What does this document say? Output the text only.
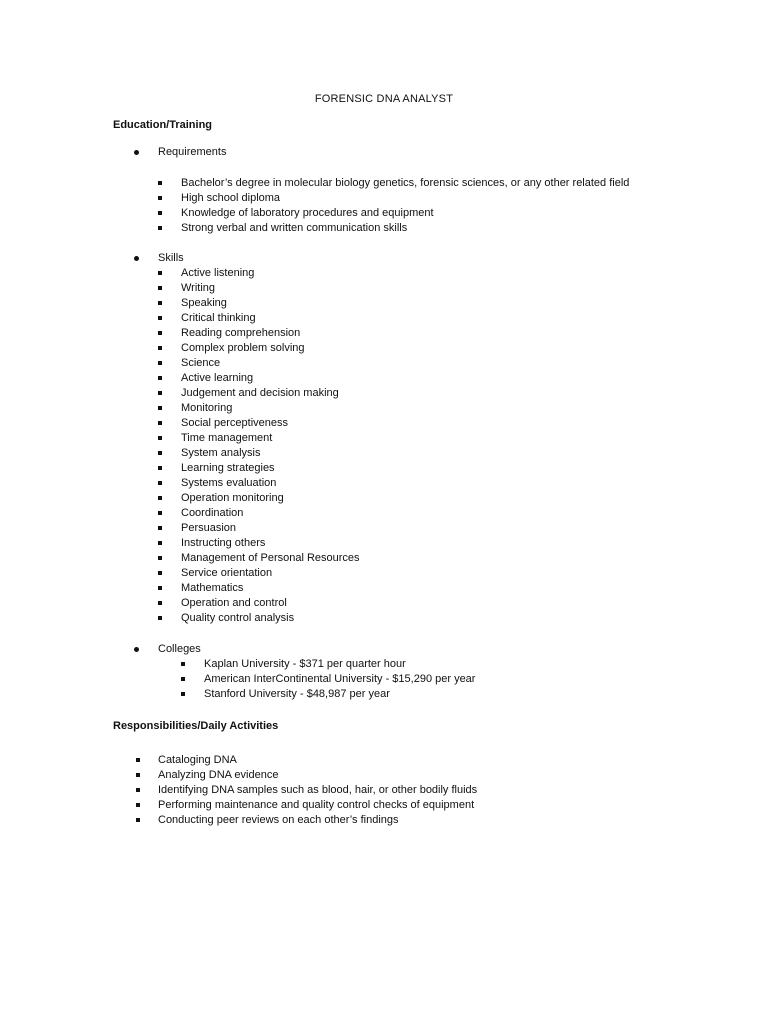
FORENSIC DNA ANALYST
Education/Training
Requirements
Bachelor’s degree in molecular biology genetics, forensic sciences, or any other related field
High school diploma
Knowledge of laboratory procedures and equipment
Strong verbal and written communication skills
Skills
Active listening
Writing
Speaking
Critical thinking
Reading comprehension
Complex problem solving
Science
Active learning
Judgement and decision making
Monitoring
Social perceptiveness
Time management
System analysis
Learning strategies
Systems evaluation
Operation monitoring
Coordination
Persuasion
Instructing others
Management of Personal Resources
Service orientation
Mathematics
Operation and control
Quality control analysis
Colleges
Kaplan University - $371 per quarter hour
American InterContinental University - $15,290 per year
Stanford University - $48,987 per year
Responsibilities/Daily Activities
Cataloging DNA
Analyzing DNA evidence
Identifying DNA samples such as blood, hair, or other bodily fluids
Performing maintenance and quality control checks of equipment
Conducting peer reviews on each other’s findings
